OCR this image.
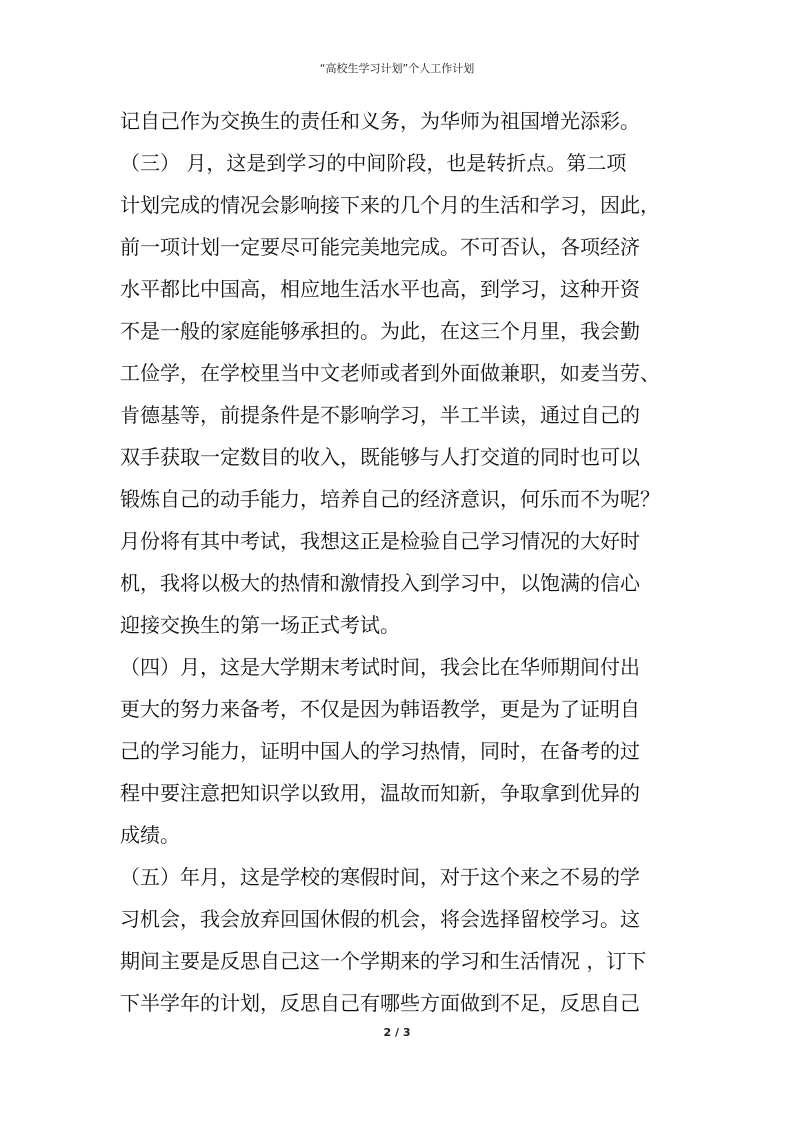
“高校生学习计划”个人工作计划
记自己作为交换生的责任和义务，为华师为祖国增光添彩。
（三） 月，这是到学习的中间阶段，也是转折点。第二项
计划完成的情况会影响接下来的几个月的生活和学习，因此，
前一项计划一定要尽可能完美地完成。不可否认，各项经济
水平都比中国高，相应地生活水平也高，到学习，这种开资
不是一般的家庭能够承担的。为此，在这三个月里，我会勤
工俭学，在学校里当中文老师或者到外面做兼职，如麦当劳、
肯德基等，前提条件是不影响学习，半工半读，通过自己的
双手获取一定数目的收入，既能够与人打交道的同时也可以
锻炼自己的动手能力，培养自己的经济意识，何乐而不为呢？
月份将有其中考试，我想这正是检验自己学习情况的大好时
机，我将以极大的热情和激情投入到学习中，以饱满的信心
迎接交换生的第一场正式考试。
（四）月，这是大学期末考试时间，我会比在华师期间付出
更大的努力来备考，不仅是因为韩语教学，更是为了证明自
己的学习能力，证明中国人的学习热情，同时，在备考的过
程中要注意把知识学以致用，温故而知新，争取拿到优异的
成绩。
（五）年月，这是学校的寒假时间，对于这个来之不易的学
习机会，我会放弃回国休假的机会，将会选择留校学习。这
期间主要是反思自己这一个学期来的学习和生活情况 ，订下
下半学年的计划，反思自己有哪些方面做到不足，反思自己
2 / 3
